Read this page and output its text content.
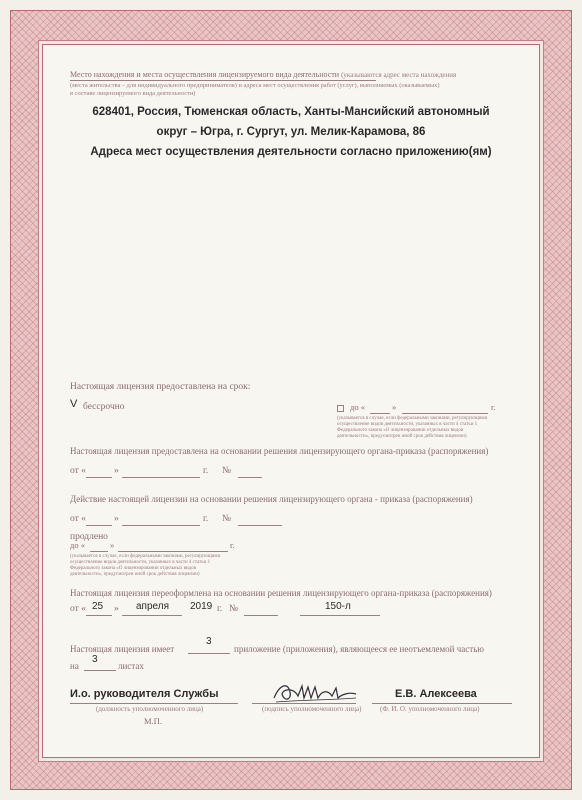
Место нахождения и места осуществления лицензируемого вида деятельности (указываются адрес места нахождения
(места жительства – для индивидуального предпринимателя) и адреса мест осуществления работ (услуг), выполняемых (оказываемых)
в составе лицензируемого вида деятельности)
628401, Россия, Тюменская область, Ханты-Мансийский автономный
округ – Югра, г. Сургут, ул. Мелик-Карамова, 86
Адреса мест осуществления деятельности согласно приложению(ям)
Настоящая лицензия предоставлена на срок:
V бессрочно	до «	»	г.
(указывается в случае, если федеральными законами, регулирующими
осуществление видов деятельности, указанных в части 4 статьи 1
Федерального закона «О лицензировании отдельных видов
деятельности», предусмотрен иной срок действия лицензии)
Настоящая лицензия предоставлена на основании решения лицензирующего органа-приказа (распоряжения)
от «	»	г. №
Действие настоящей лицензии на основании решения лицензирующего органа - приказа (распоряжения)
от «	»	г. №
продлено
до «	»	г.
(указывается в случае, если федеральными законами, регулирующими
осуществление видов деятельности, указанных в части 4 статьи 1
Федерального закона «О лицензировании отдельных видов
деятельности», предусмотрен иной срок действия лицензии)
Настоящая лицензия переоформлена на основании решения лицензирующего органа-приказа (распоряжения)
от « 25 » апреля 2019 г. №	150-л
Настоящая лицензия имеет
3
приложение (приложения), являющееся ее неотъемлемой частью
на
3
листах
И.о. руководителя Службы
(должность уполномоченного лица)	(подпись уполномоченного лица)
Е.В. Алексеева
(Ф. И. О. уполномоченного лица)
М.П.
